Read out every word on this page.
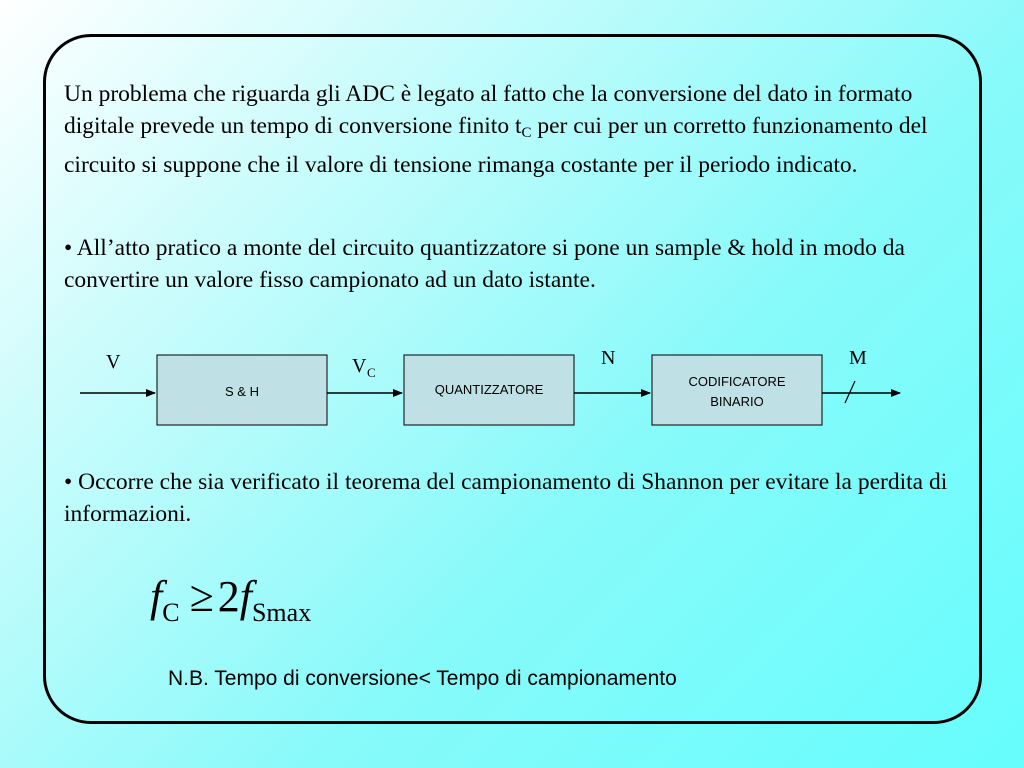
Un problema che riguarda gli ADC è legato al fatto che la conversione del dato in formato digitale prevede un tempo di conversione finito $t_C$ per cui per un corretto funzionamento del circuito si suppone che il valore di tensione rimanga costante per il periodo indicato.

• All’atto pratico a monte del circuito quantizzatore si pone un sample & hold in modo da convertire un valore fisso campionato ad un dato istante.

S & H	QUANTIZZATORE
CODIFICATORE
BINARIO
V	V C
N	M

• Occorre che sia verificato il teorema del campionamento di Shannon per evitare la perdita di informazioni.

$f_C \ge 2f_{Smax}$
N.B. Tempo di conversione< Tempo di campionamento
